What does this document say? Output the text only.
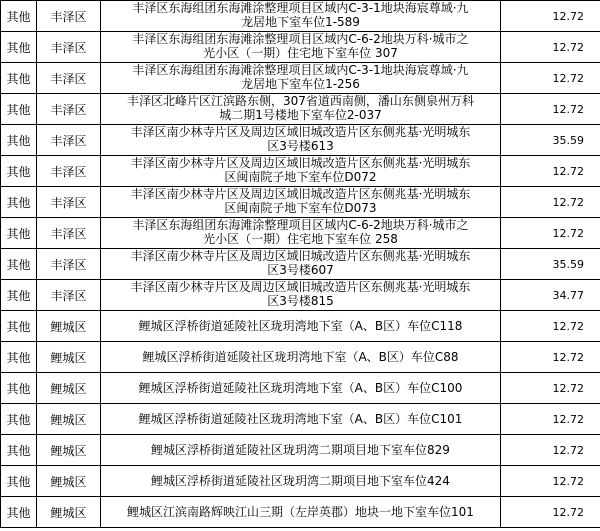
其他	丰泽区	丰泽区东海组团东海滩涂整理项目区域内C-3-1地块海宸尊域·九
龙居地下室车位1-589	12.72
其他	丰泽区	丰泽区东海组团东海滩涂整理项目区域内C-6-2地块万科·城市之
光小区（一期）住宅地下室车位 307	12.72
其他	丰泽区	丰泽区东海组团东海滩涂整理项目区域内C-3-1地块海宸尊域·九
龙居地下室车位1-256	12.72
其他	丰泽区	丰泽区北峰片区江滨路东侧，307省道西南侧，潘山东侧泉州万科
城二期1号楼地下室车位2-037	12.72
其他	丰泽区	丰泽区南少林寺片区及周边区域旧城改造片区东侧兆基·光明城东
区3号楼613	35.59
其他	丰泽区	丰泽区南少林寺片区及周边区域旧城改造片区东侧兆基·光明城东
区闽南院子地下室车位D072	12.72
其他	丰泽区	丰泽区南少林寺片区及周边区域旧城改造片区东侧兆基·光明城东
区闽南院子地下室车位D073	12.72
其他	丰泽区	丰泽区东海组团东海滩涂整理项目区域内C-6-2地块万科·城市之
光小区（一期）住宅地下室车位 258	12.72
其他	丰泽区	丰泽区南少林寺片区及周边区域旧城改造片区东侧兆基·光明城东
区3号楼607	35.59
其他	丰泽区	丰泽区南少林寺片区及周边区域旧城改造片区东侧兆基·光明城东
区3号楼815	34.77
其他	鲤城区	鲤城区浮桥街道延陵社区珑玥湾地下室（A、B区）车位C118	12.72
其他	鲤城区	鲤城区浮桥街道延陵社区珑玥湾地下室（A、B区）车位C88	12.72
其他	鲤城区	鲤城区浮桥街道延陵社区珑玥湾地下室（A、B区）车位C100	12.72
其他	鲤城区	鲤城区浮桥街道延陵社区珑玥湾地下室（A、B区）车位C101	12.72
其他	鲤城区	鲤城区浮桥街道延陵社区珑玥湾二期项目地下室车位829	12.72
其他	鲤城区	鲤城区浮桥街道延陵社区珑玥湾二期项目地下室车位424	12.72
其他	鲤城区	鲤城区江滨南路辉映江山三期（左岸英郡）地块一地下室车位101	12.72
